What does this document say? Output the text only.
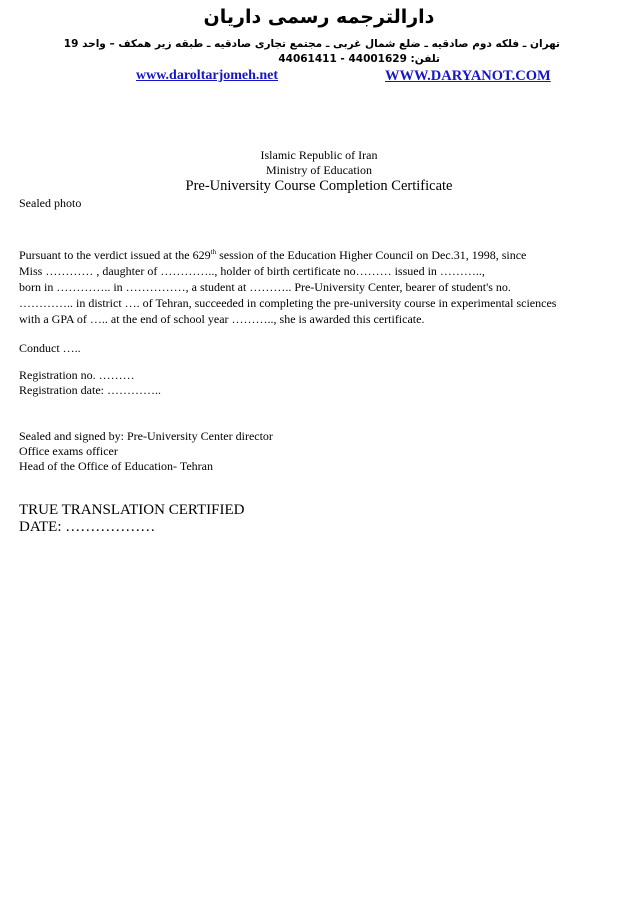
دارالترجمه رسمی داریان
تهران ـ فلکه دوم صادقیه ـ ضلع شمال غربی ـ مجتمع تجاری صادقیه ـ طبقه زیر همکف – واحد 19
تلفن: 44001629 - 44061411
www.daroltarjomeh.net	WWW.DARYANOT.COM
Islamic Republic of Iran
Ministry of Education
Pre-University Course Completion Certificate
Sealed photo
Pursuant to the verdict issued at the 629th session of the Education Higher Council on Dec.31, 1998, since
Miss ………… , daughter of ………….., holder of birth certificate no……… issued in ………..,
born in ………….. in ……………, a student at ……….. Pre-University Center, bearer of student's no.
………….. in district …. of Tehran, succeeded in completing the pre-university course in experimental sciences
with a GPA of ….. at the end of school year ……….., she is awarded this certificate.
Conduct …..
Registration no. ………
Registration date: …………..
Sealed and signed by: Pre-University Center director
Office exams officer
Head of the Office of Education- Tehran
TRUE TRANSLATION CERTIFIED
DATE: ………………
